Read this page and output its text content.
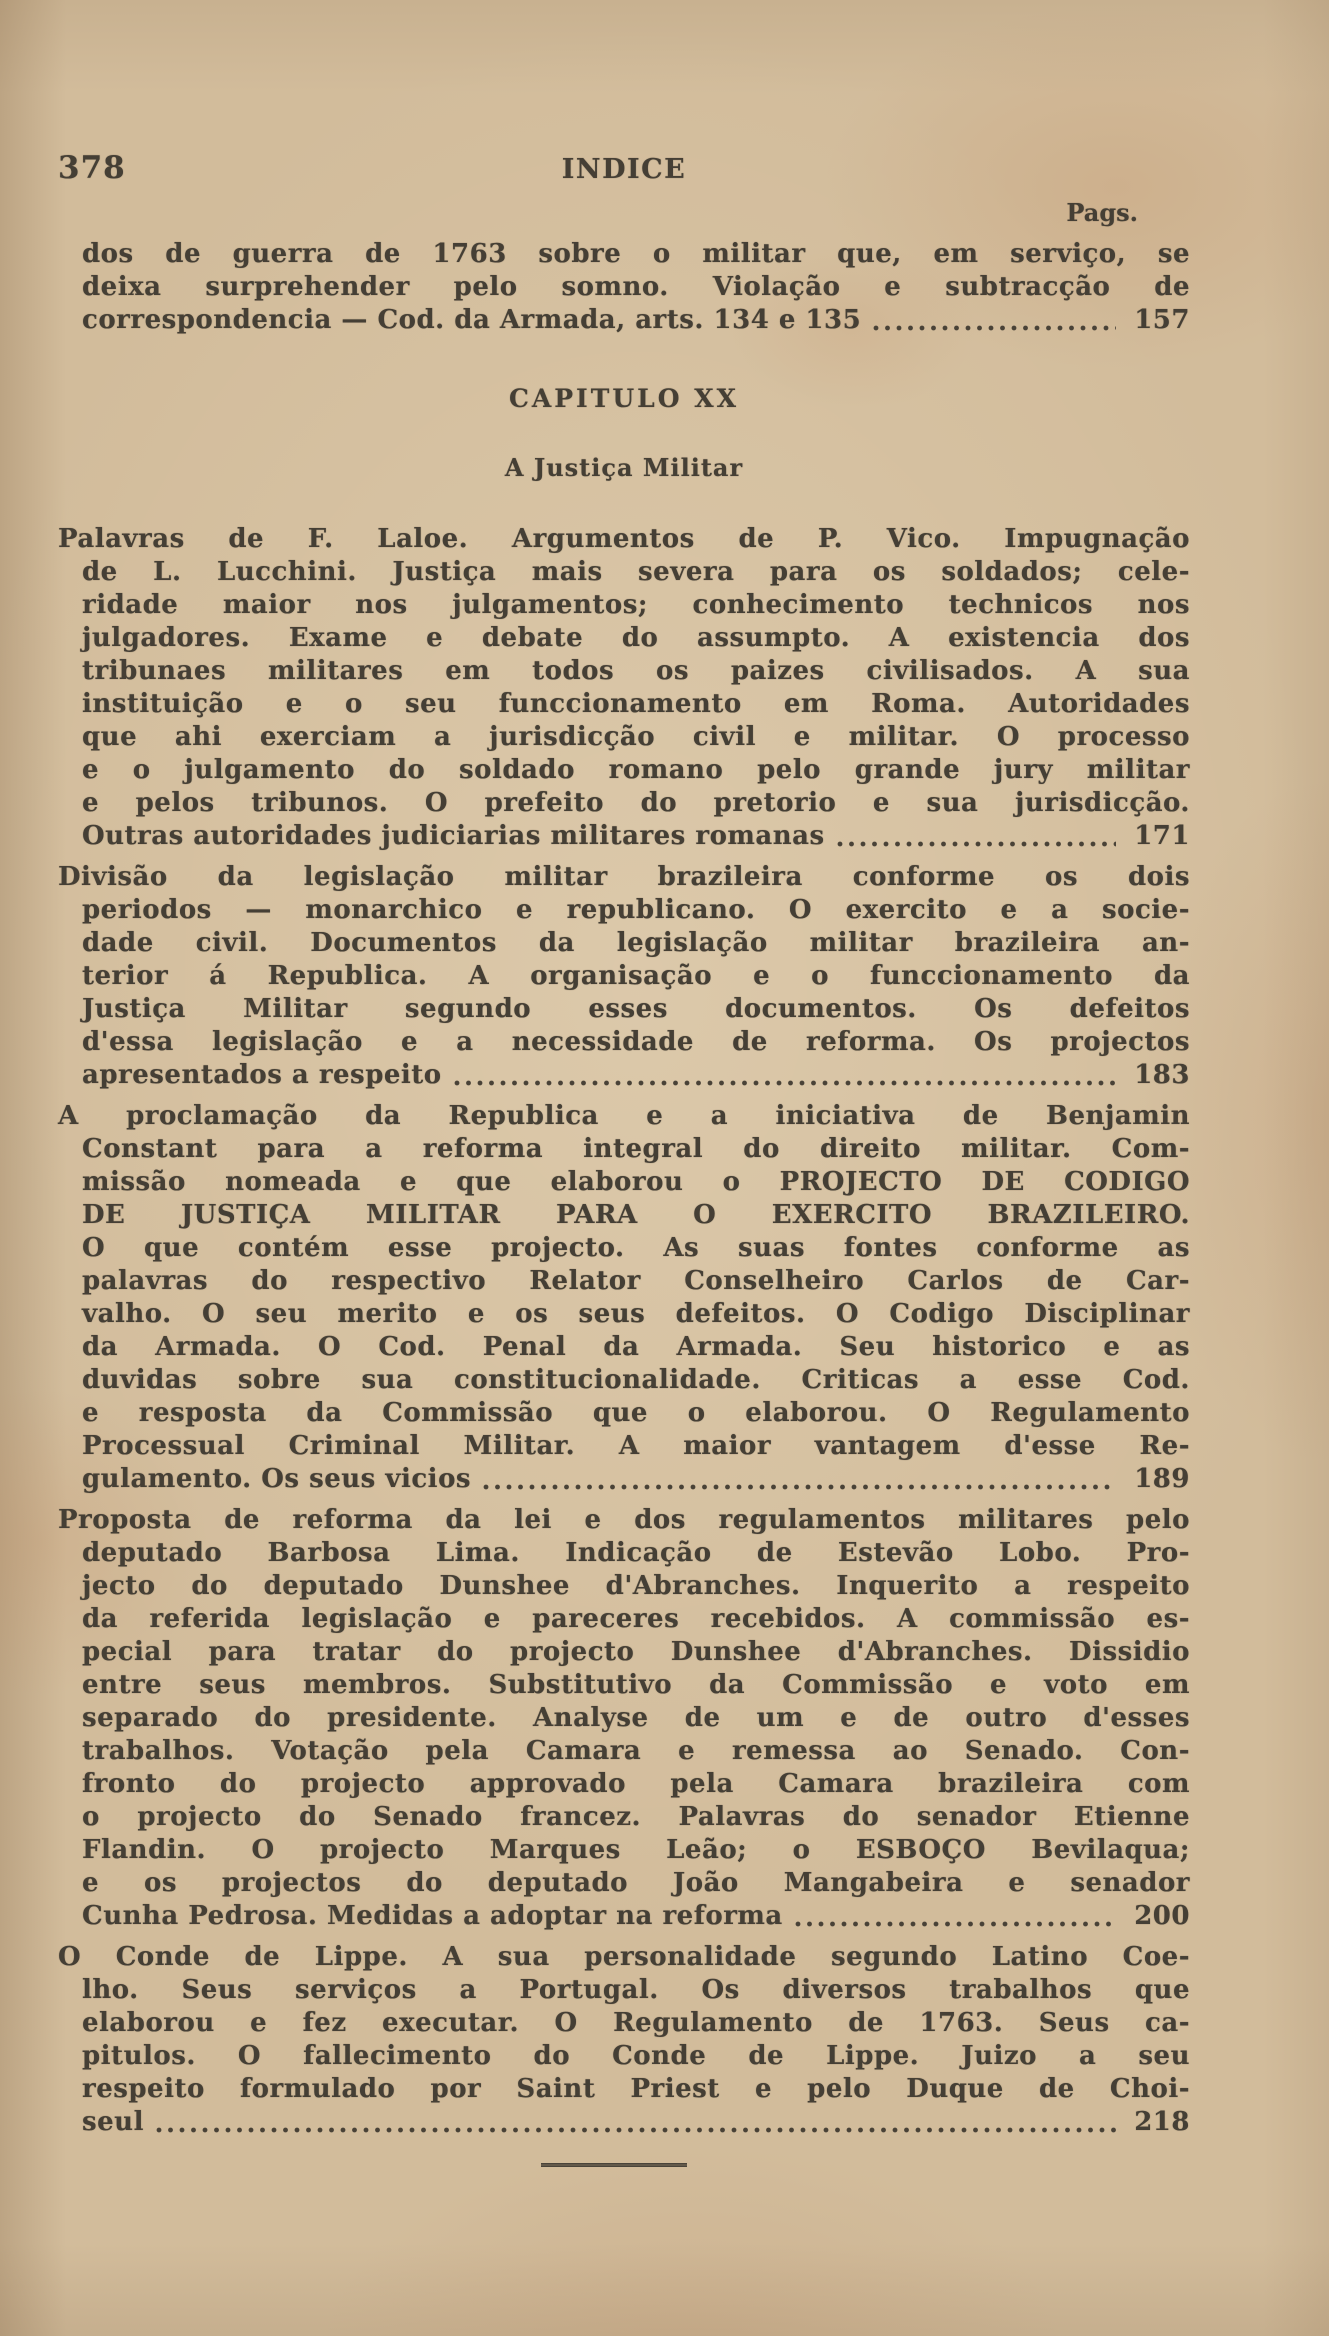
378	INDICE
Pags.
dos de guerra de 1763 sobre o militar que, em serviço, se
deixa surprehender pelo somno. Violação e subtracção de
correspondencia — Cod. da Armada, arts. 134 e 135	157
CAPITULO XX
A Justiça Militar
Palavras de F. Laloe. Argumentos de P. Vico. Impugnação
de L. Lucchini. Justiça mais severa para os soldados; cele-
ridade maior nos julgamentos; conhecimento technicos nos
julgadores. Exame e debate do assumpto. A existencia dos
tribunaes militares em todos os paizes civilisados. A sua
instituição e o seu funccionamento em Roma. Autoridades
que ahi exerciam a jurisdicção civil e militar. O processo
e o julgamento do soldado romano pelo grande jury militar
e pelos tribunos. O prefeito do pretorio e sua jurisdicção.
Outras autoridades judiciarias militares romanas	171
Divisão da legislação militar brazileira conforme os dois
periodos — monarchico e republicano. O exercito e a socie-
dade civil. Documentos da legislação militar brazileira an-
terior á Republica. A organisação e o funccionamento da
Justiça Militar segundo esses documentos. Os defeitos
d'essa legislação e a necessidade de reforma. Os projectos
apresentados a respeito	183
A proclamação da Republica e a iniciativa de Benjamin
Constant para a reforma integral do direito militar. Com-
missão nomeada e que elaborou o PROJECTO DE CODIGO
DE JUSTIÇA MILITAR PARA O EXERCITO BRAZILEIRO.
O que contém esse projecto. As suas fontes conforme as
palavras do respectivo Relator Conselheiro Carlos de Car-
valho. O seu merito e os seus defeitos. O Codigo Disciplinar
da Armada. O Cod. Penal da Armada. Seu historico e as
duvidas sobre sua constitucionalidade. Criticas a esse Cod.
e resposta da Commissão que o elaborou. O Regulamento
Processual Criminal Militar. A maior vantagem d'esse Re-
gulamento. Os seus vicios	189
Proposta de reforma da lei e dos regulamentos militares pelo
deputado Barbosa Lima. Indicação de Estevão Lobo. Pro-
jecto do deputado Dunshee d'Abranches. Inquerito a respeito
da referida legislação e pareceres recebidos. A commissão es-
pecial para tratar do projecto Dunshee d'Abranches. Dissidio
entre seus membros. Substitutivo da Commissão e voto em
separado do presidente. Analyse de um e de outro d'esses
trabalhos. Votação pela Camara e remessa ao Senado. Con-
fronto do projecto approvado pela Camara brazileira com
o projecto do Senado francez. Palavras do senador Etienne
Flandin. O projecto Marques Leão; o ESBOÇO Bevilaqua;
e os projectos do deputado João Mangabeira e senador
Cunha Pedrosa. Medidas a adoptar na reforma	200
O Conde de Lippe. A sua personalidade segundo Latino Coe-
lho. Seus serviços a Portugal. Os diversos trabalhos que
elaborou e fez executar. O Regulamento de 1763. Seus ca-
pitulos. O fallecimento do Conde de Lippe. Juizo a seu
respeito formulado por Saint Priest e pelo Duque de Choi-
seul	218
